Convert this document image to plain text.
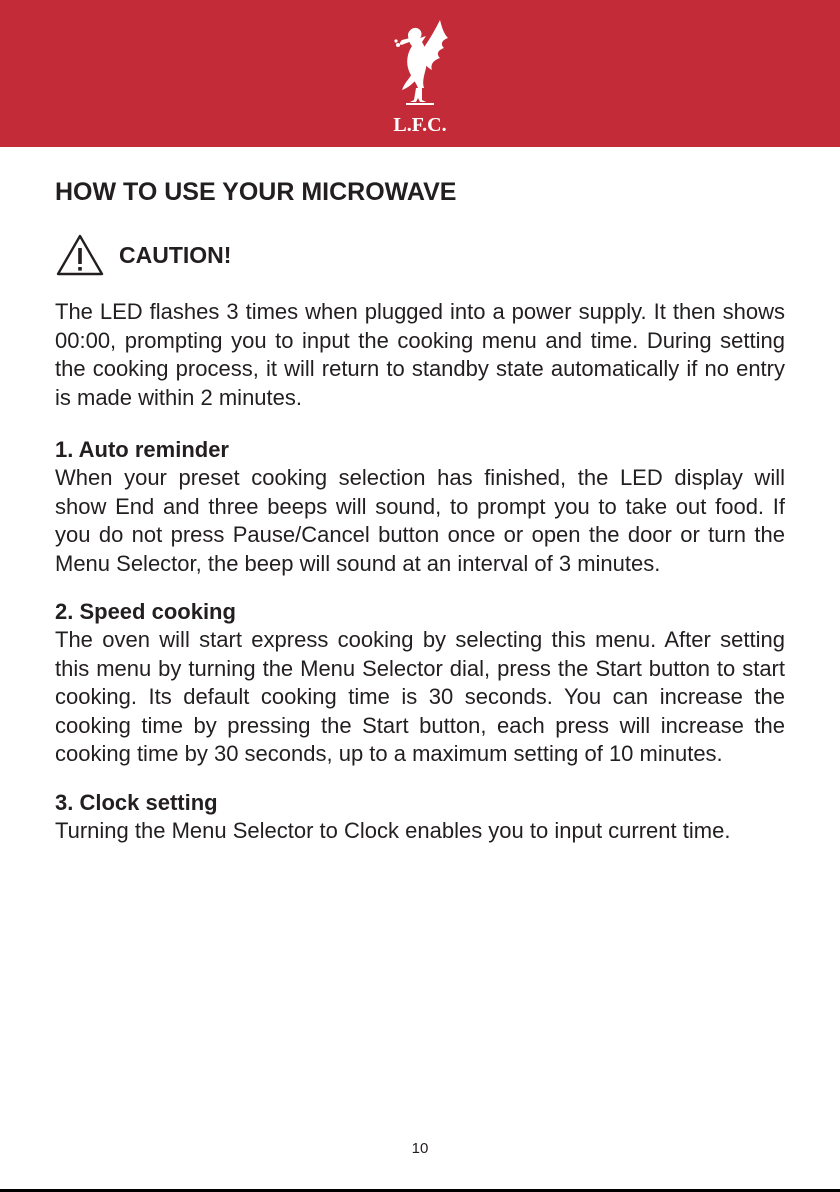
L.F.C.
HOW TO USE YOUR MICROWAVE
CAUTION!

The LED flashes 3 times when plugged into a power supply. It then shows 00:00, prompting you to input the cooking menu and time. During setting the cooking process, it will return to standby state automatically if no entry is made within 2 minutes.

1. Auto reminder

When your preset cooking selection has finished, the LED display will show End and three beeps will sound, to prompt you to take out food. If you do not press Pause/Cancel button once or open the door or turn the Menu Selector, the beep will sound at an interval of 3 minutes.

2. Speed cooking

The oven will start express cooking by selecting this menu. After setting this menu by turning the Menu Selector dial, press the Start button to start cooking. Its default cooking time is 30 seconds. You can increase the cooking time by pressing the Start button, each press will increase the cooking time by 30 seconds, up to a maximum setting of 10 minutes.

3. Clock setting

Turning the Menu Selector to Clock enables you to input current time.

10
